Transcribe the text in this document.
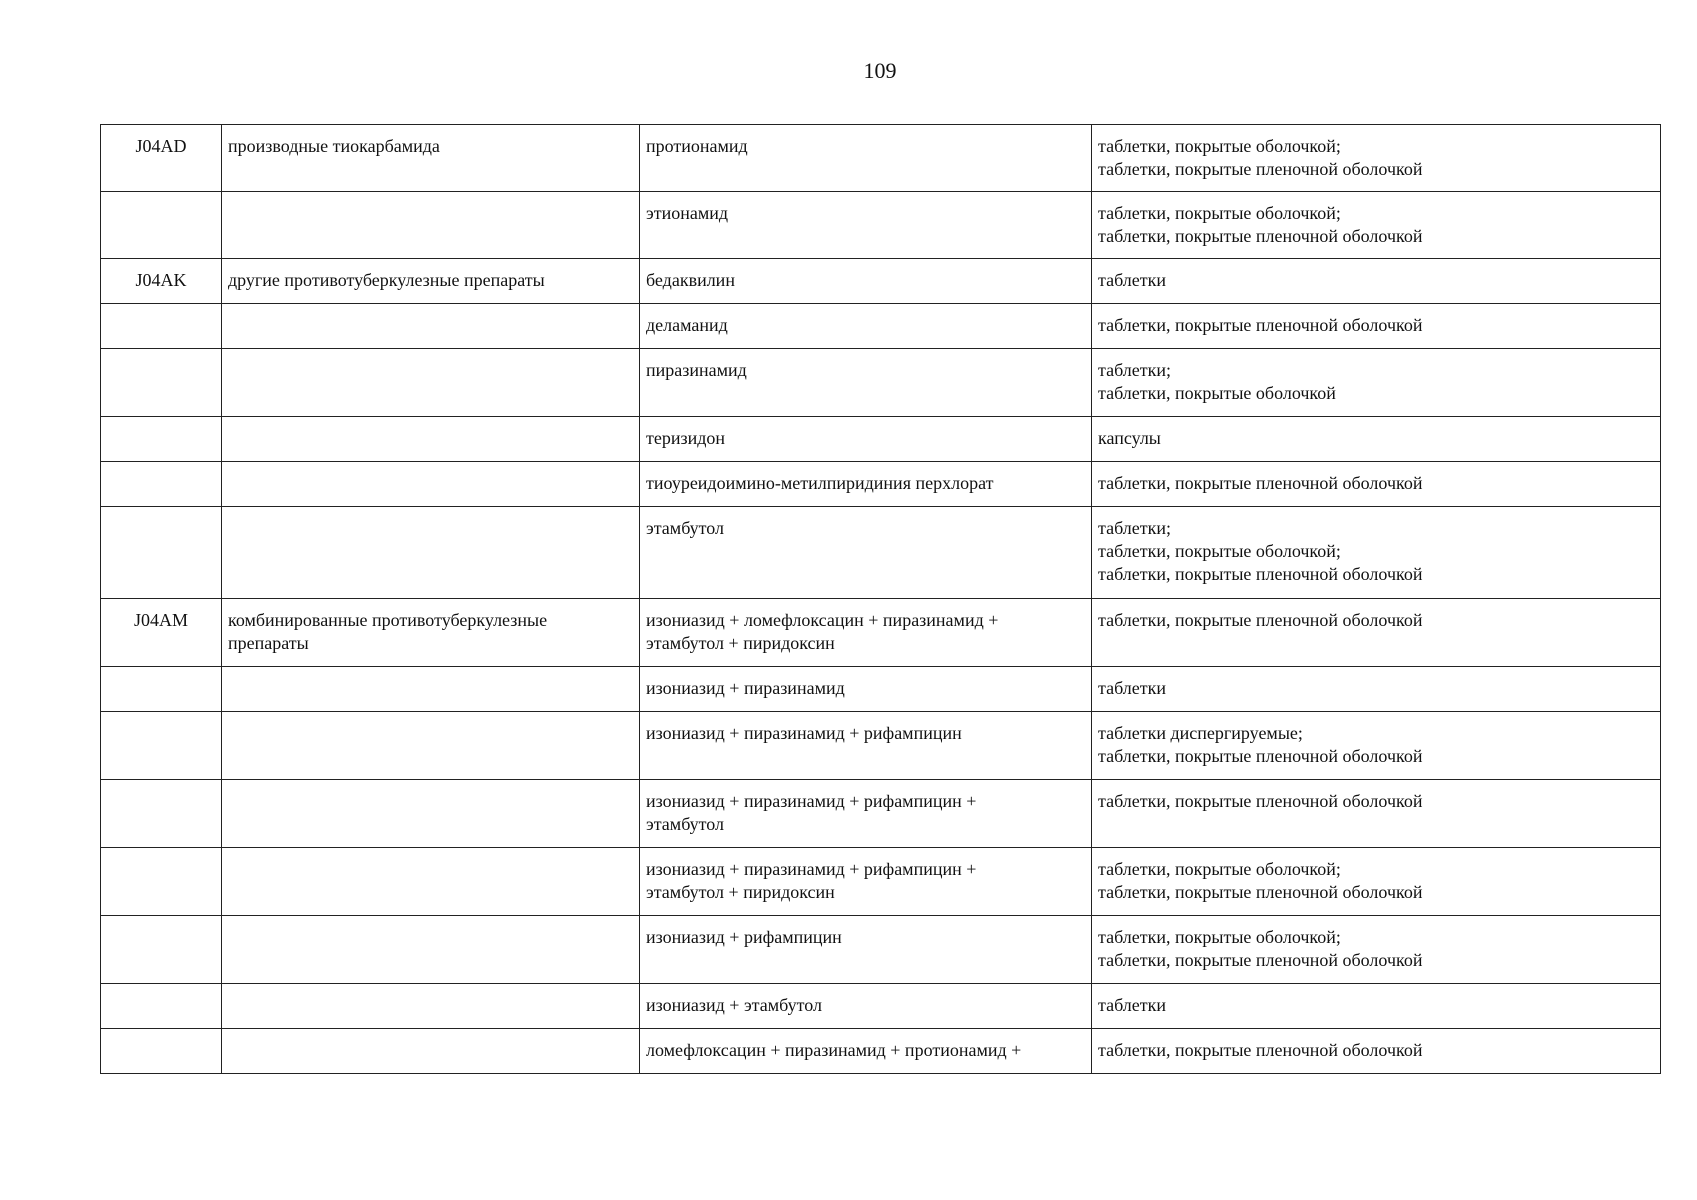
109
J04AD	производные тиокарбамида	протионамид	таблетки, покрытые оболочкой;
таблетки, покрытые пленочной оболочкой

		этионамид	таблетки, покрытые оболочкой;
таблетки, покрытые пленочной оболочкой

J04AK	другие противотуберкулезные препараты	бедаквилин	таблетки

		деламанид	таблетки, покрытые пленочной оболочкой

		пиразинамид	таблетки;
таблетки, покрытые оболочкой

		теризидон	капсулы

		тиоуреидоимино-метилпиридиния перхлорат	таблетки, покрытые пленочной оболочкой

		этамбутол	таблетки;
таблетки, покрытые оболочкой;
таблетки, покрытые пленочной оболочкой

J04AM	комбинированные противотуберкулезные
препараты	изониазид + ломефлоксацин + пиразинамид +
этамбутол + пиридоксин	таблетки, покрытые пленочной оболочкой

		изониазид + пиразинамид	таблетки

		изониазид + пиразинамид + рифампицин	таблетки диспергируемые;
таблетки, покрытые пленочной оболочкой

		изониазид + пиразинамид + рифампицин +
этамбутол	таблетки, покрытые пленочной оболочкой

		изониазид + пиразинамид + рифампицин +
этамбутол + пиридоксин	таблетки, покрытые оболочкой;
таблетки, покрытые пленочной оболочкой

		изониазид + рифампицин	таблетки, покрытые оболочкой;
таблетки, покрытые пленочной оболочкой

		изониазид + этамбутол	таблетки

		ломефлоксацин + пиразинамид + протионамид +	таблетки, покрытые пленочной оболочкой
